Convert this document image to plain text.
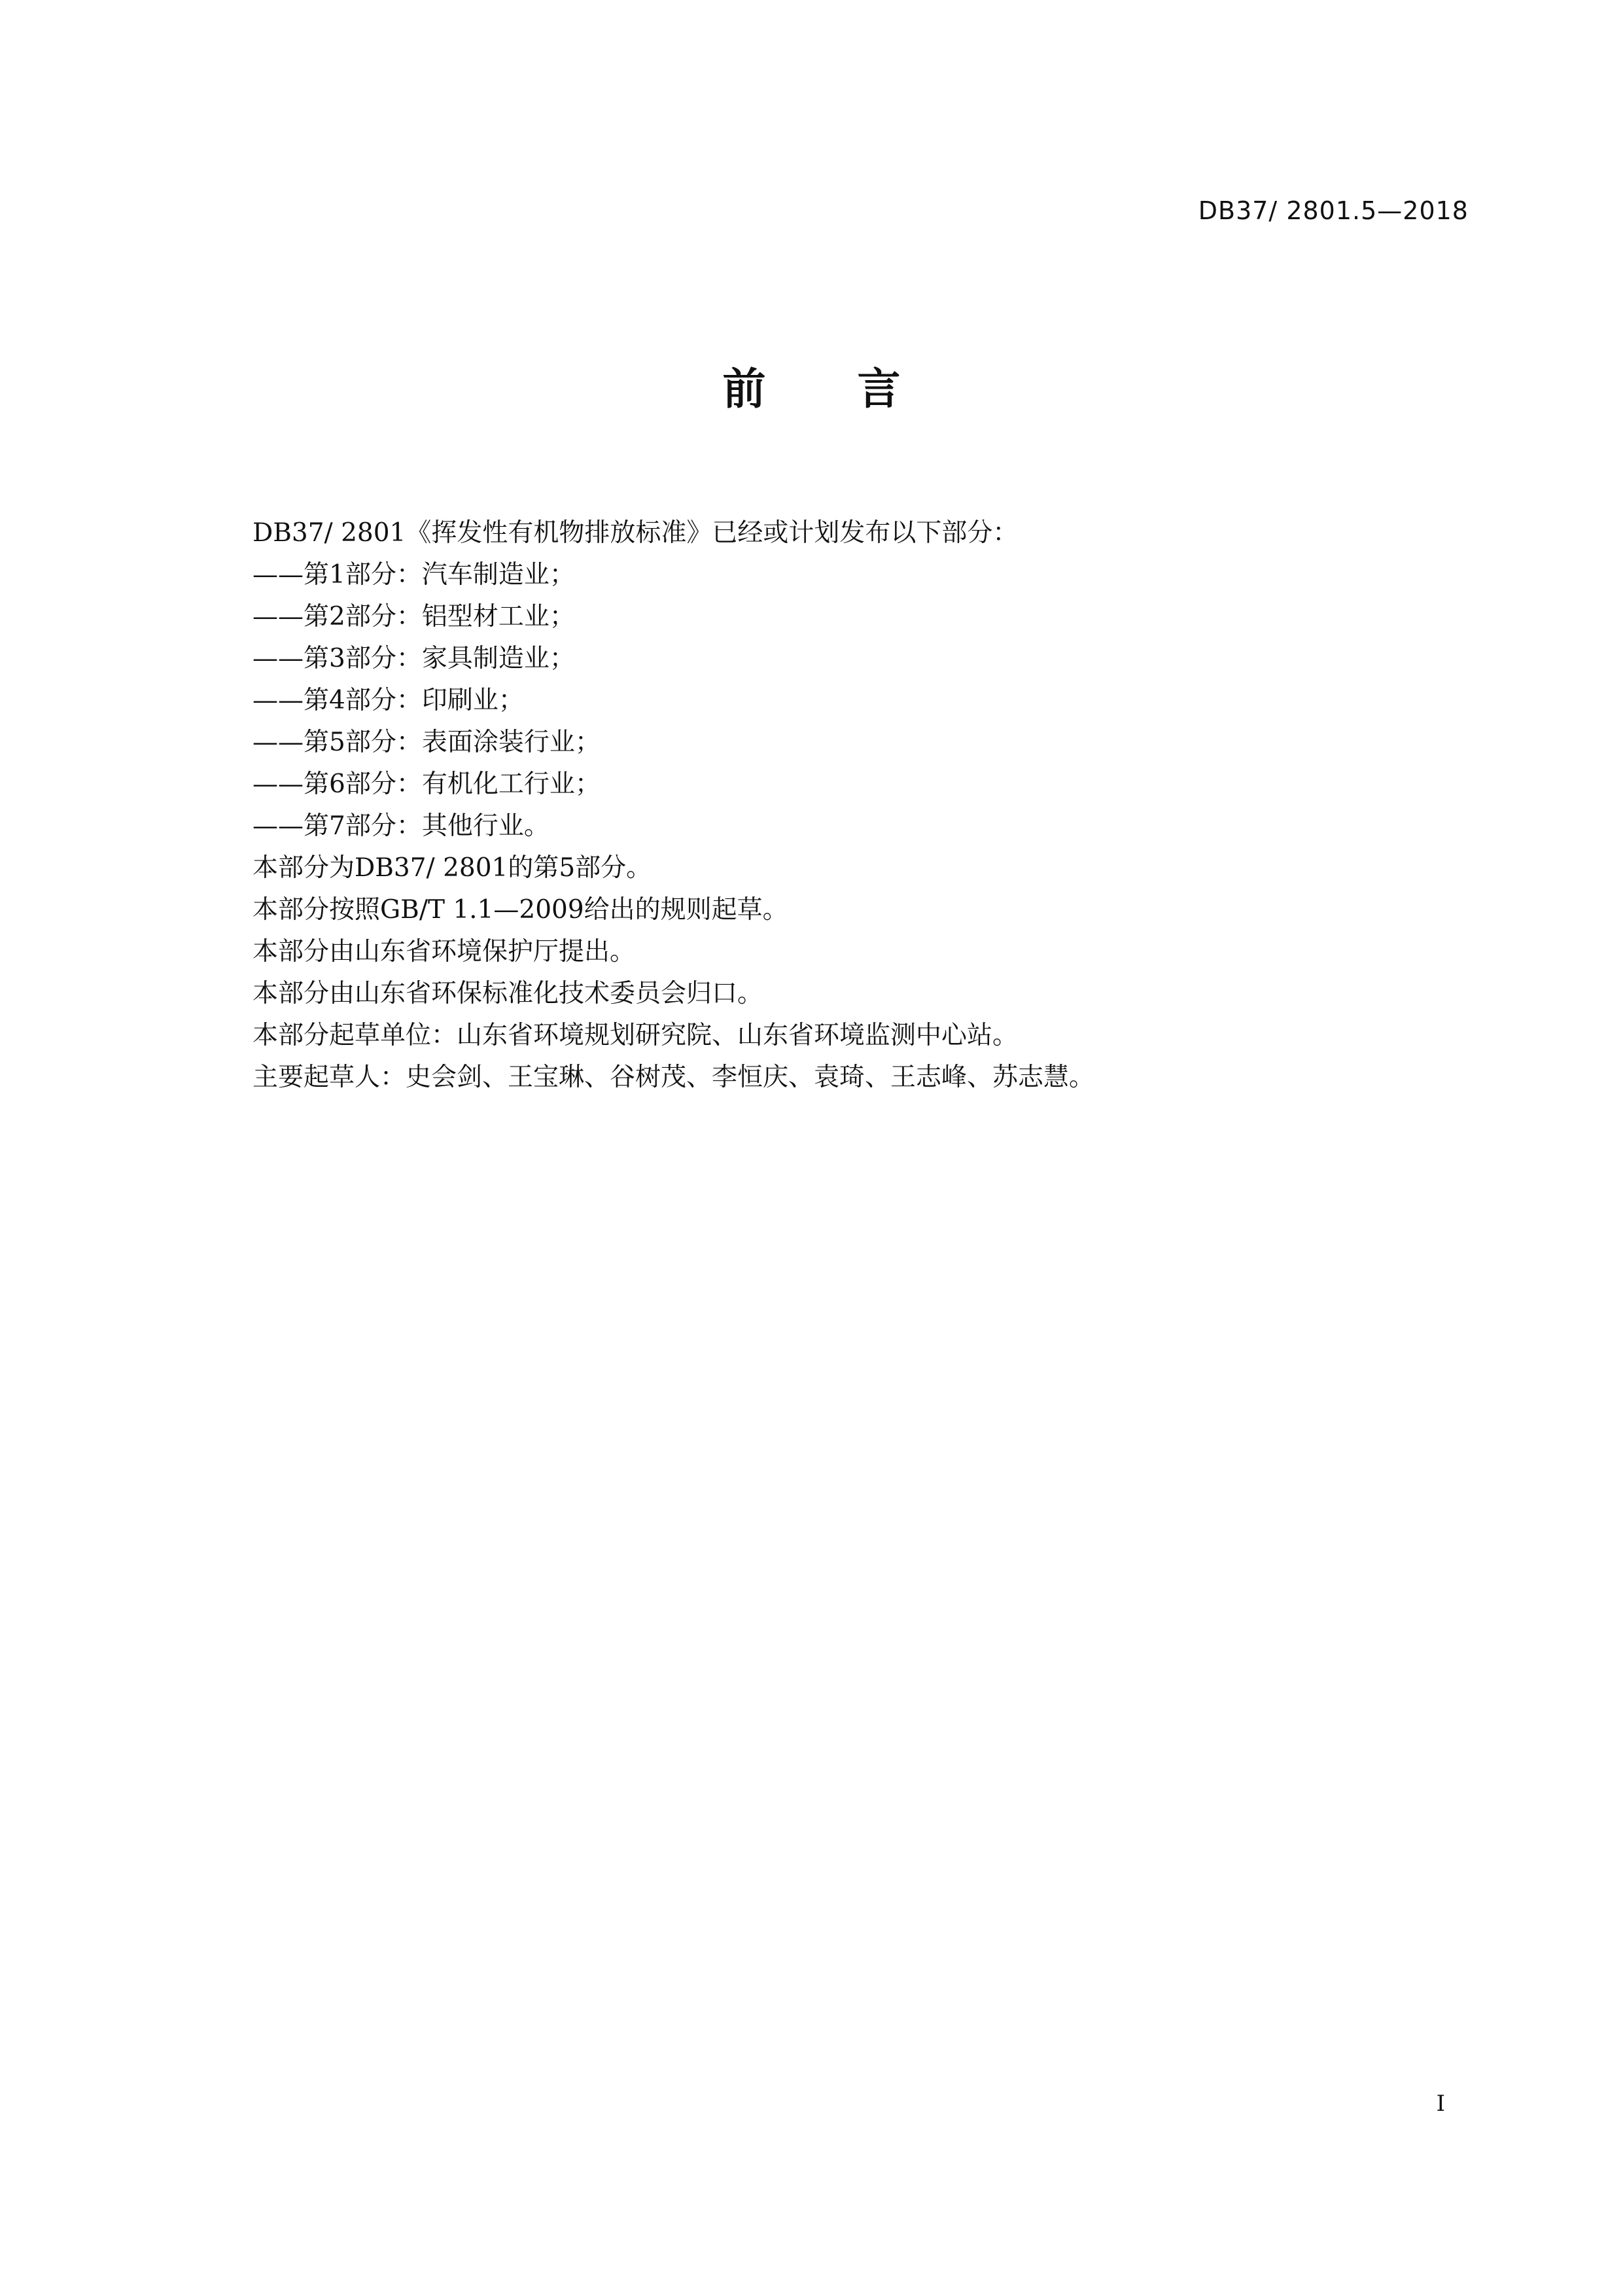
DB37/ 2801.5—2018
前 言
DB37/ 2801《挥发性有机物排放标准》已经或计划发布以下部分：
——第1部分：汽车制造业；
——第2部分：铝型材工业；
——第3部分：家具制造业；
——第4部分：印刷业；
——第5部分：表面涂装行业；
——第6部分：有机化工行业；
——第7部分：其他行业。
本部分为DB37/ 2801的第5部分。
本部分按照GB/T 1.1—2009给出的规则起草。
本部分由山东省环境保护厅提出。
本部分由山东省环保标准化技术委员会归口。
本部分起草单位：山东省环境规划研究院、山东省环境监测中心站。
主要起草人：史会剑、王宝琳、谷树茂、李恒庆、袁琦、王志峰、苏志慧。
I
